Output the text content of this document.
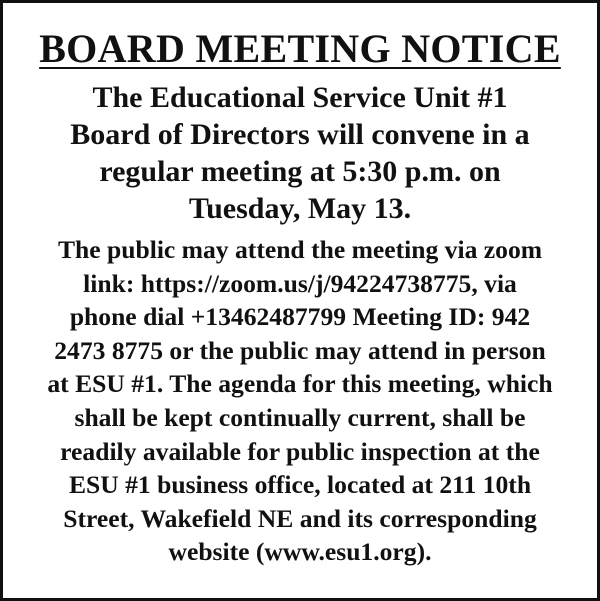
BOARD MEETING NOTICE

The Educational Service Unit #1
Board of Directors will convene in a
regular meeting at 5:30 p.m. on
Tuesday, May 13.

The public may attend the meeting via zoom
link: https://zoom.us/j/94224738775, via
phone dial +13462487799 Meeting ID: 942
2473 8775 or the public may attend in person
at ESU #1. The agenda for this meeting, which
shall be kept continually current, shall be
readily available for public inspection at the
ESU #1 business office, located at 211 10th
Street, Wakefield NE and its corresponding
website (www.esu1.org).
